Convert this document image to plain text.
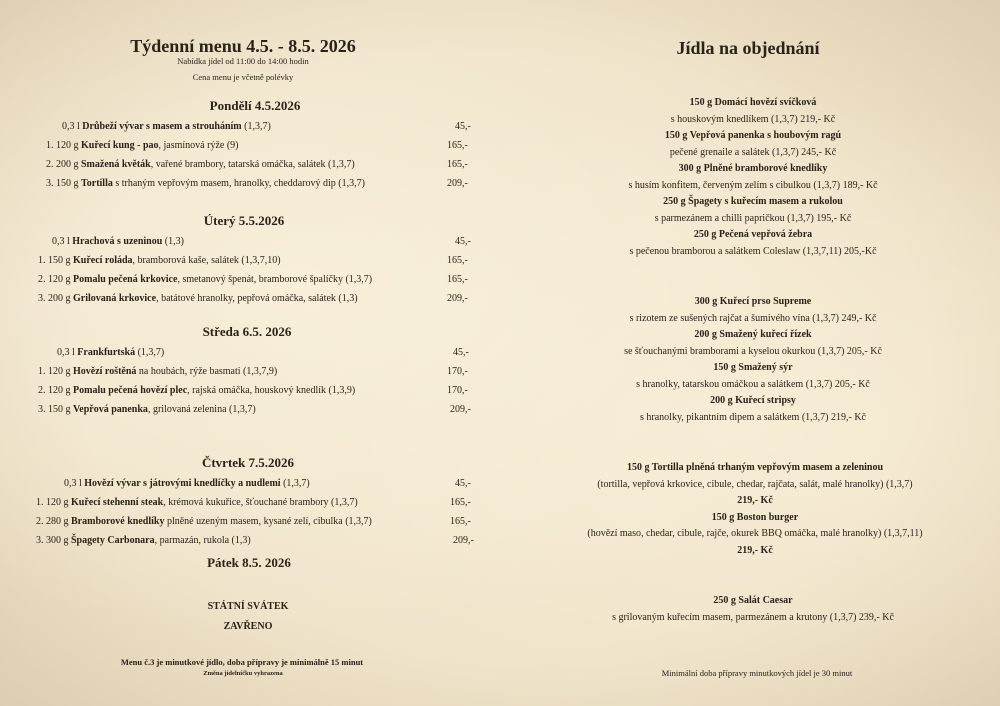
Týdenní menu 4.5. - 8.5. 2026
Nabídka jídel od 11:00 do 14:00 hodin
Cena menu je včetně polévky
Pondělí 4.5.2026
0,3 l Drůbeží vývar s masem a strouháním (1,3,7)	45,-
1. 120 g Kuřecí kung - pao, jasmínová rýže (9)	165,-
2. 200 g Smažená květák, vařené brambory, tatarská omáčka, salátek (1,3,7)	165,-
3. 150 g Tortilla s trhaným vepřovým masem, hranolky, cheddarový dip (1,3,7)	209,-
Úterý 5.5.2026
0,3 l Hrachová s uzeninou (1,3)	45,-
1. 150 g Kuřecí roláda, bramborová kaše, salátek (1,3,7,10)	165,-
2. 120 g Pomalu pečená krkovice, smetanový špenát, bramborové špalíčky (1,3,7)	165,-
3. 200 g Grilovaná krkovice, batátové hranolky, pepřová omáčka, salátek (1,3)	209,-
Středa 6.5. 2026
0,3 l Frankfurtská (1,3,7)	45,-
1. 120 g Hovězí roštěná na houbách, rýže basmati (1,3,7,9)	170,-
2. 120 g Pomalu pečená hovězí plec, rajská omáčka, houskový knedlík (1,3,9)	170,-
3. 150 g Vepřová panenka, grilovaná zelenina (1,3,7)	209,-
Čtvrtek 7.5.2026
0,3 l Hovězí vývar s játrovými knedlíčky a nudlemi (1,3,7)	45,-
1. 120 g Kuřecí stehenní steak, krémová kukuřice, šťouchané brambory (1,3,7)	165,-
2. 280 g Bramborové knedlíky plněné uzeným masem, kysané zelí, cibulka (1,3,7)	165,-
3. 300 g Špagety Carbonara, parmazán, rukola (1,3)	209,-
Pátek 8.5. 2026
STÁTNÍ SVÁTEK
ZAVŘENO
Menu č.3 je minutkové jídlo, doba přípravy je minimálně 15 minut
Změna jídelníčku vyhrazena
Jídla na objednání
150 g Domácí hovězí svíčková
s houskovým knedlíkem (1,3,7) 219,- Kč
150 g Vepřová panenka s houbovým ragú
pečené grenaile a salátek (1,3,7) 245,- Kč
300 g Plněné bramborové knedlíky
s husím konfitem, červeným zelím s cibulkou (1,3,7) 189,- Kč
250 g Špagety s kuřecím masem a rukolou
s parmezánem a chilli papričkou (1,3,7) 195,- Kč
250 g Pečená vepřová žebra
s pečenou bramborou a salátkem Coleslaw (1,3,7,11) 205,-Kč
300 g Kuřecí prso Supreme
s rizotem ze sušených rajčat a šumivého vína (1,3,7) 249,- Kč
200 g Smažený kuřecí řízek
se šťouchanými bramborami a kyselou okurkou (1,3,7) 205,- Kč
150 g Smažený sýr
s hranolky, tatarskou omáčkou a salátkem (1,3,7) 205,- Kč
200 g Kuřecí stripsy
s hranolky, pikantním dipem a salátkem (1,3,7) 219,- Kč
150 g Tortilla plněná trhaným vepřovým masem a zeleninou
(tortilla, vepřová krkovice, cibule, chedar, rajčata, salát, malé hranolky) (1,3,7)
219,- Kč
150 g Boston burger
(hovězí maso, chedar, cibule, rajče, okurek BBQ omáčka, malé hranolky) (1,3,7,11)
219,- Kč
250 g Salát Caesar
s grilovaným kuřecím masem, parmezánem a krutony (1,3,7) 239,- Kč
Minimální doba přípravy minutkových jídel je 30 minut
